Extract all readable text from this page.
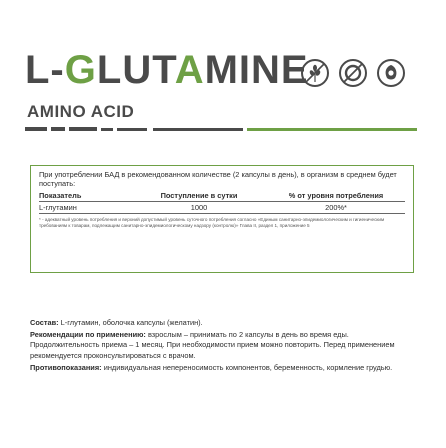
L-GLUTAMINE
AMINO ACID

При употреблении БАД в рекомендованном количестве (2 капсулы в день), в организм в среднем будет поступать:

Показатель	Поступление в сутки	% от уровня потребления
L-глутамин	1000	200%*
* - адекватный уровень потребления и верхний допустимый уровень суточного потребления согласно «Единым санитарно-эпидемиологическим и гигиеническим требованиям к товарам, подлежащим санитарно-эпидемиологическому надзору (контролю)» Глава II, раздел 1, приложение 5

Состав: L-глутамин, оболочка капсулы (желатин).

Рекомендации по применению: взрослым – принимать по 2 капсулы в день во время еды. Продолжительность приема – 1 месяц. При необходимости прием можно повторить. Перед применением рекомендуется проконсультироваться с врачом.

Противопоказания: индивидуальная непереносимость компонентов, беременность, кормление грудью.
